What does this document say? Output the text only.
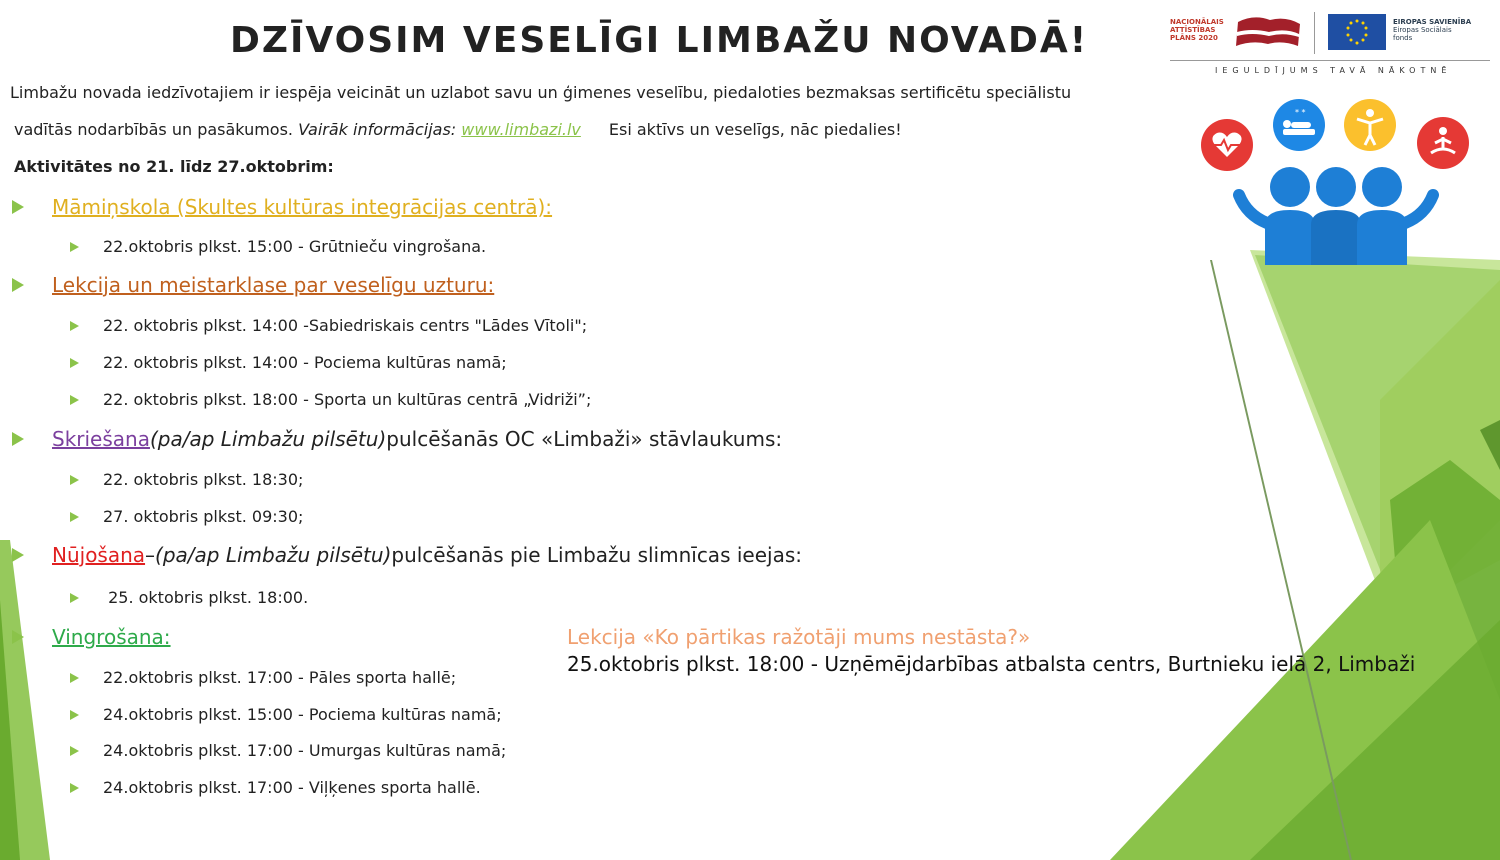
DZĪVOSIM VESELĪGI LIMBAŽU NOVADĀ!	NACIONĀLAIS
ATTĪSTĪBAS
PLĀNS 2020
EIROPAS SAVIENĪBA
Eiropas Sociālais
fonds
IEGULDĪJUMS TAVĀ NĀKOTNĒ
* *
Limbažu novada iedzīvotajiem ir iespēja veicināt un uzlabot savu un ģimenes veselību, piedaloties bezmaksas sertificētu speciālistu
vadītās nodarbībās un pasākumos. Vairāk informācijas: www.limbazi.lv Esi aktīvs un veselīgs, nāc piedalies!
Aktivitātes no 21. līdz 27.oktobrim:
Māmiņskola (Skultes kultūras integrācijas centrā):
22.oktobris plkst. 15:00 - Grūtnieču vingrošana.
Lekcija un meistarklase par veselīgu uzturu:
22. oktobris plkst. 14:00 -Sabiedriskais centrs "Lādes Vītoli";
22. oktobris plkst. 14:00 - Pociema kultūras namā;
22. oktobris plkst. 18:00 - Sporta un kultūras centrā „Vidriži”;
Skriešana (pa/ap Limbažu pilsētu) pulcēšanās OC «Limbaži» stāvlaukums:
22. oktobris plkst. 18:30;
27. oktobris plkst. 09:30;
Nūjošana – (pa/ap Limbažu pilsētu) pulcēšanās pie Limbažu slimnīcas ieejas:
25. oktobris plkst. 18:00.
Vingrošana:
22.oktobris plkst. 17:00 - Pāles sporta hallē;
24.oktobris plkst. 15:00 - Pociema kultūras namā;
24.oktobris plkst. 17:00 - Umurgas kultūras namā;
24.oktobris plkst. 17:00 - Viļķenes sporta hallē.
Lekcija «Ko pārtikas ražotāji mums nestāsta?»
25.oktobris plkst. 18:00 - Uzņēmējdarbības atbalsta centrs, Burtnieku ielā 2, Limbaži
